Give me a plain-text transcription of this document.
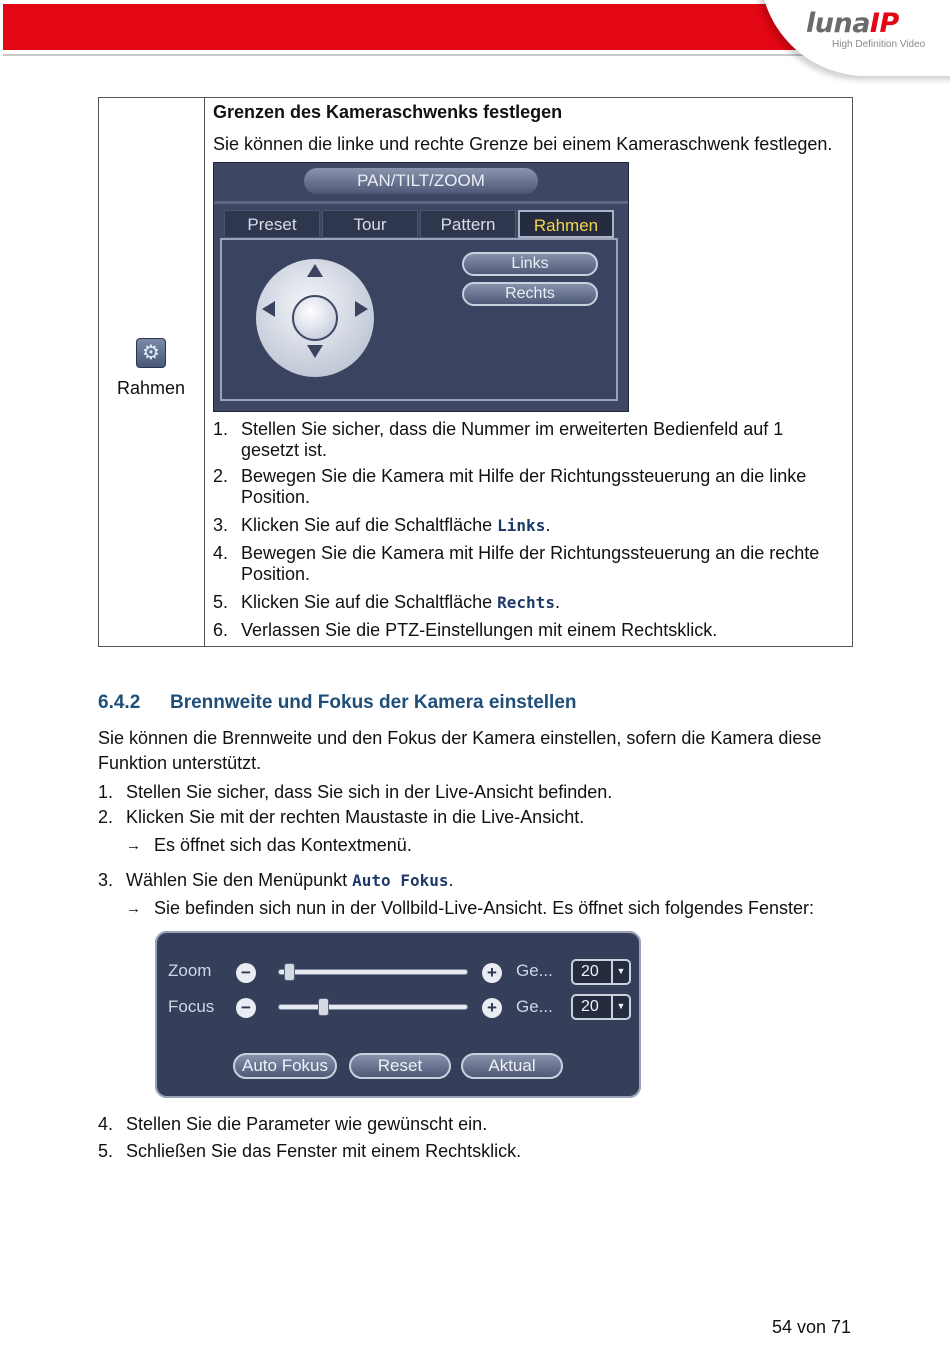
lunaIP
High Definition Video
⚙
Rahmen
Grenzen des Kameraschwenks festlegen
Sie können die linke und rechte Grenze bei einem Kameraschwenk festlegen.
PAN/TILT/ZOOM
Preset	Tour	Pattern	Rahmen
Links
Rechts
1. Stellen Sie sicher, dass die Nummer im erweiterten Bedienfeld auf 1
gesetzt ist.
2. Bewegen Sie die Kamera mit Hilfe der Richtungssteuerung an die linke
Position.
3. Klicken Sie auf die Schaltfläche Links.
4. Bewegen Sie die Kamera mit Hilfe der Richtungssteuerung an die rechte
Position.
5. Klicken Sie auf die Schaltfläche Rechts.
6. Verlassen Sie die PTZ-Einstellungen mit einem Rechtsklick.
6.4.2 Brennweite und Fokus der Kamera einstellen
Sie können die Brennweite und den Fokus der Kamera einstellen, sofern die Kamera diese
Funktion unterstützt.
1. Stellen Sie sicher, dass Sie sich in der Live-Ansicht befinden.
2. Klicken Sie mit der rechten Maustaste in die Live-Ansicht.
→ Es öffnet sich das Kontextmenü.
3. Wählen Sie den Menüpunkt Auto Fokus.
→ Sie befinden sich nun in der Vollbild-Live-Ansicht. Es öffnet sich folgendes Fenster:
Zoom −	+ Ge...	20	▼
Focus −	+ Ge...	20	▼
Auto Fokus	Reset	Aktual
4. Stellen Sie die Parameter wie gewünscht ein.
5. Schließen Sie das Fenster mit einem Rechtsklick.
54 von 71
